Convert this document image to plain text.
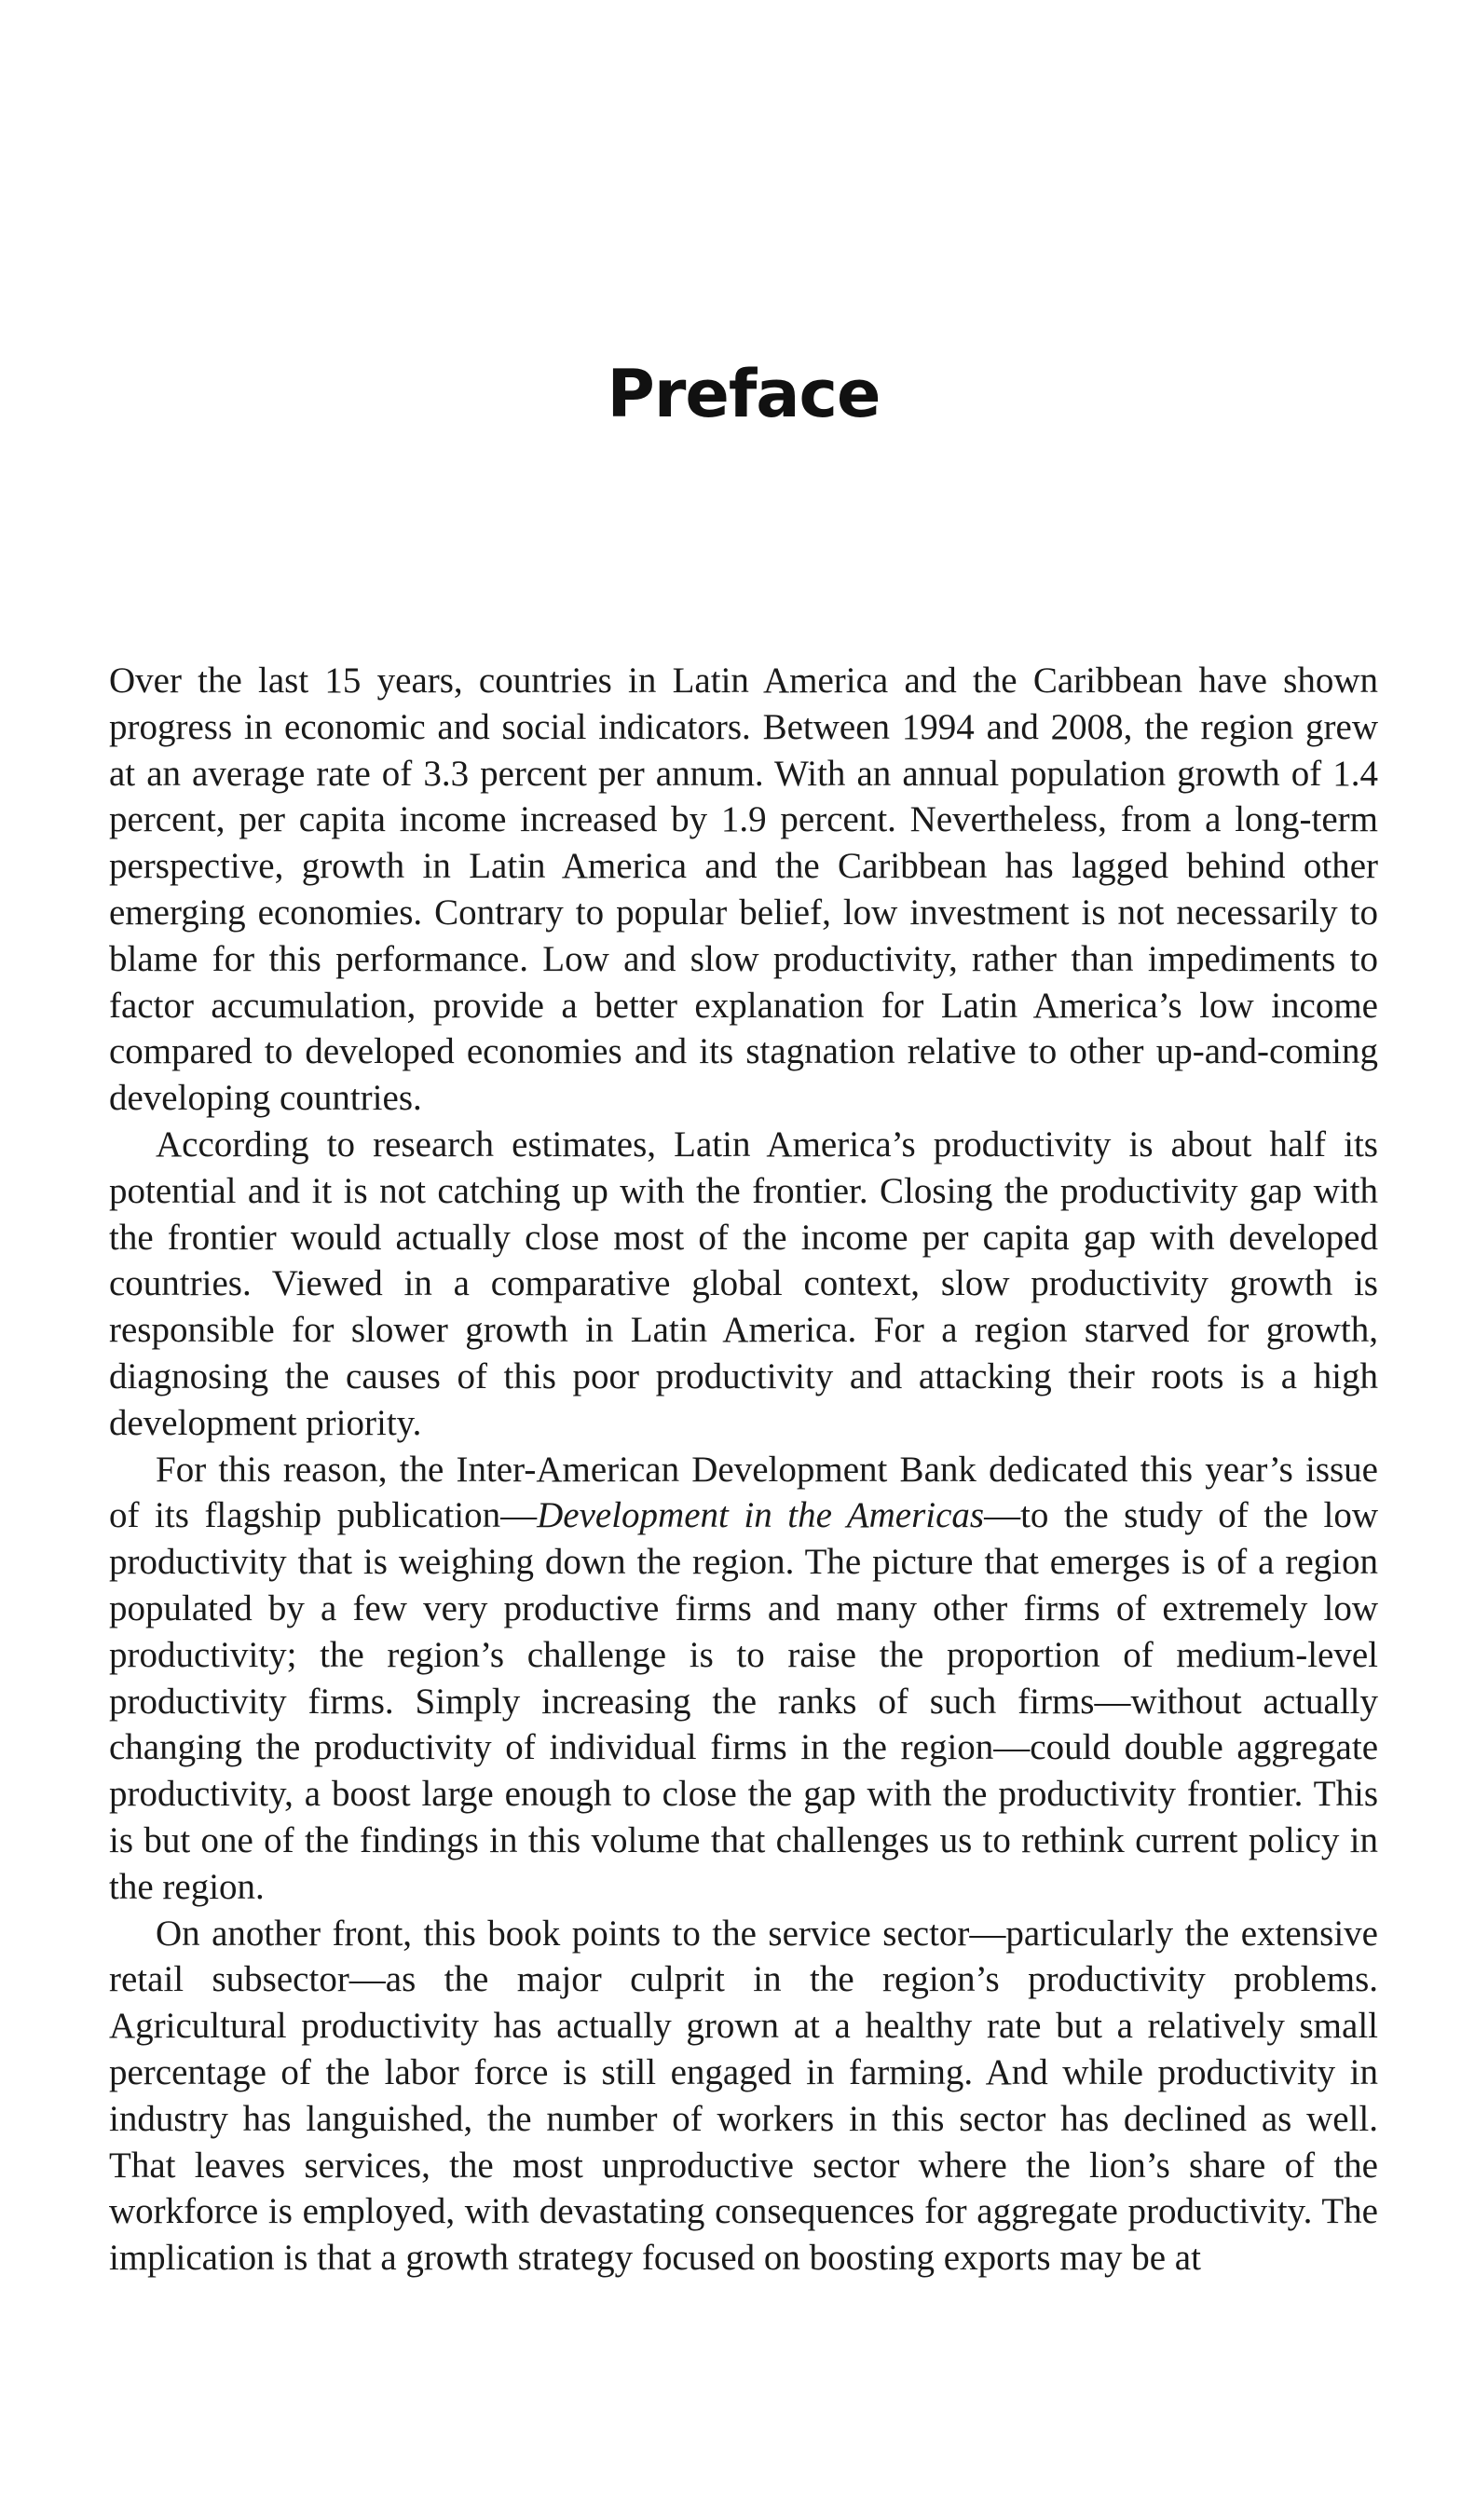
Preface

Over the last 15 years, countries in Latin America and the Caribbean have shown progress in economic and social indicators. Between 1994 and 2008, the region grew at an average rate of 3.3 percent per annum. With an annual population growth of 1.4 percent, per capita income increased by 1.9 percent. Nevertheless, from a long-term perspective, growth in Latin America and the Caribbean has lagged behind other emerging economies. Contrary to popular belief, low investment is not necessarily to blame for this performance. Low and slow productivity, rather than impediments to factor accumulation, provide a better explanation for Latin America’s low income compared to developed economies and its stagnation relative to other up-and-coming developing countries.

According to research estimates, Latin America’s productivity is about half its potential and it is not catching up with the frontier. Closing the productivity gap with the frontier would actually close most of the income per capita gap with developed countries. Viewed in a comparative global context, slow productivity growth is responsible for slower growth in Latin America. For a region starved for growth, diagnosing the causes of this poor productivity and attacking their roots is a high development priority.

For this reason, the Inter-American Development Bank dedicated this year’s issue of its flagship publication—Development in the Americas—to the study of the low productivity that is weighing down the region. The picture that emerges is of a region populated by a few very productive firms and many other firms of extremely low productivity; the region’s challenge is to raise the proportion of medium-level productivity firms. Simply increasing the ranks of such firms—without actually changing the productivity of individual firms in the region—could double aggregate productivity, a boost large enough to close the gap with the productivity frontier. This is but one of the findings in this volume that challenges us to rethink current policy in the region.

On another front, this book points to the service sector—particularly the extensive retail subsector—as the major culprit in the region’s productivity problems. Agricultural productivity has actually grown at a healthy rate but a relatively small percentage of the labor force is still engaged in farming. And while productivity in industry has languished, the number of workers in this sector has declined as well. That leaves services, the most unproductive sector where the lion’s share of the workforce is employed, with devastating consequences for aggregate productivity. The implication is that a growth strategy focused on boosting exports may be at
